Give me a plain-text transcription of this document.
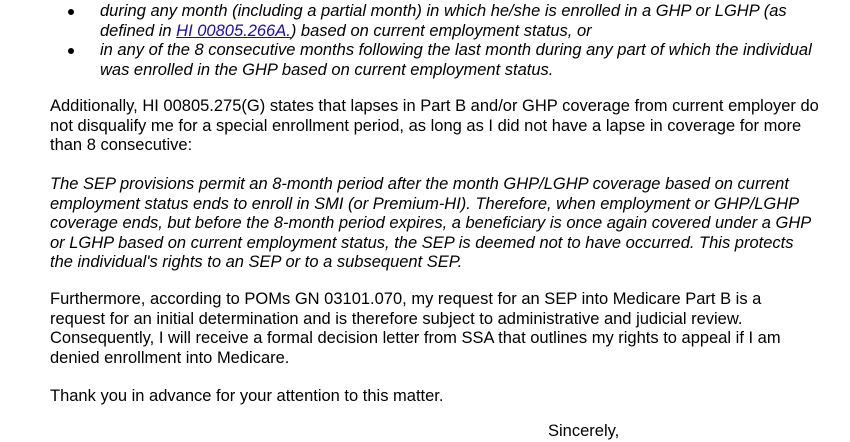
during any month (including a partial month) in which he/she is enrolled in a GHP or LGHP (as defined in HI 00805.266A.) based on current employment status, or
in any of the 8 consecutive months following the last month during any part of which the individual was enrolled in the GHP based on current employment status.

Additionally, HI 00805.275(G) states that lapses in Part B and/or GHP coverage from current employer do not disqualify me for a special enrollment period, as long as I did not have a lapse in coverage for more than 8 consecutive:

The SEP provisions permit an 8-month period after the month GHP/LGHP coverage based on current employment status ends to enroll in SMI (or Premium-HI). Therefore, when employment or GHP/LGHP coverage ends, but before the 8-month period expires, a beneficiary is once again covered under a GHP or LGHP based on current employment status, the SEP is deemed not to have occurred. This protects the individual's rights to an SEP or to a subsequent SEP.

Furthermore, according to POMs GN 03101.070, my request for an SEP into Medicare Part B is a request for an initial determination and is therefore subject to administrative and judicial review. Consequently, I will receive a formal decision letter from SSA that outlines my rights to appeal if I am denied enrollment into Medicare.

Thank you in advance for your attention to this matter.

Sincerely,
